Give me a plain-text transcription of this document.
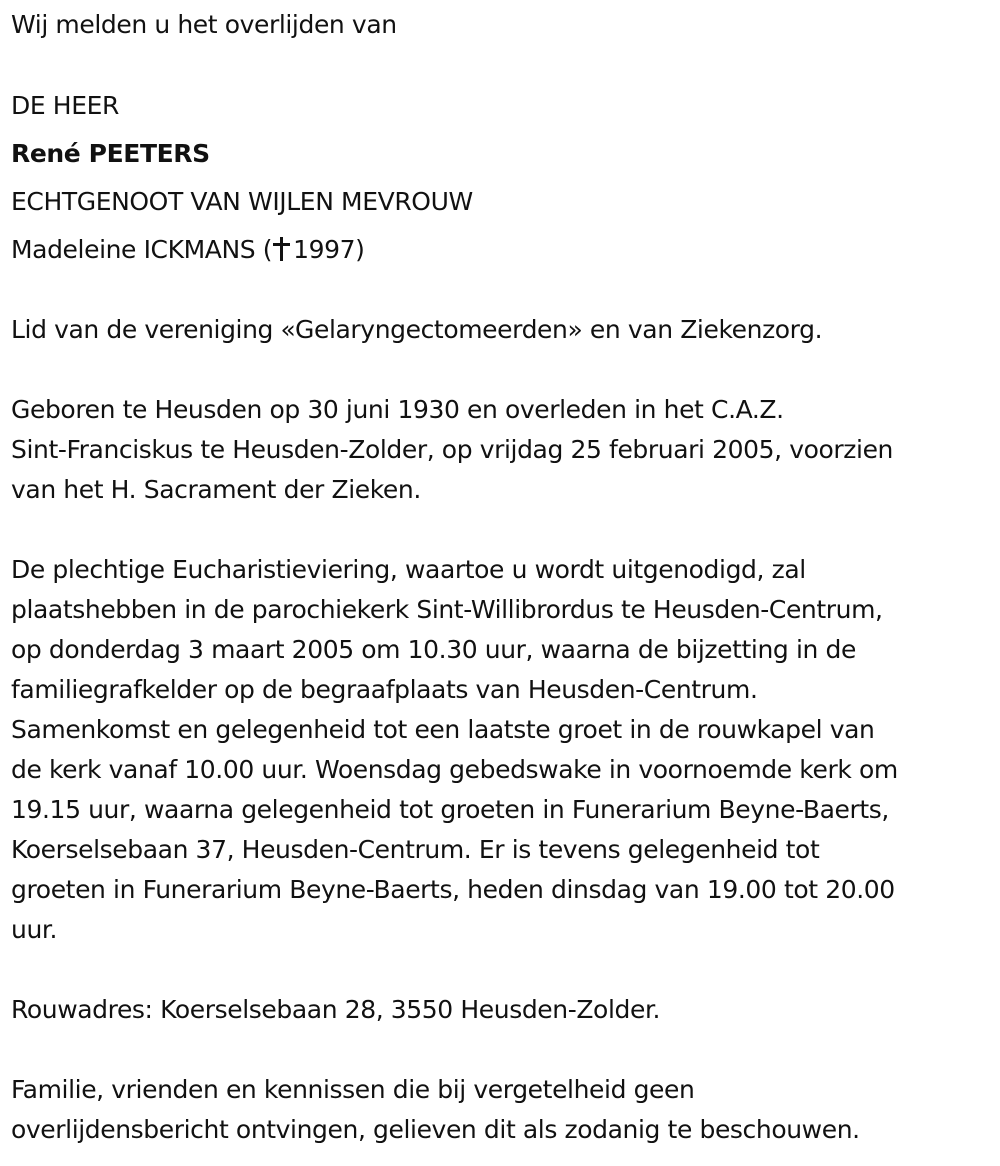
Wij melden u het overlijden van
DE HEER
René PEETERS
ECHTGENOOT VAN WIJLEN MEVROUW
Madeleine ICKMANS ( 1997)
Lid van de vereniging «Gelaryngectomeerden» en van Ziekenzorg.
Geboren te Heusden op 30 juni 1930 en overleden in het C.A.Z.
Sint-Franciskus te Heusden-Zolder, op vrijdag 25 februari 2005, voorzien
van het H. Sacrament der Zieken.
De plechtige Eucharistieviering, waartoe u wordt uitgenodigd, zal
plaatshebben in de parochiekerk Sint-Willibrordus te Heusden-Centrum,
op donderdag 3 maart 2005 om 10.30 uur, waarna de bijzetting in de
familiegrafkelder op de begraafplaats van Heusden-Centrum.
Samenkomst en gelegenheid tot een laatste groet in de rouwkapel van
de kerk vanaf 10.00 uur. Woensdag gebedswake in voornoemde kerk om
19.15 uur, waarna gelegenheid tot groeten in Funerarium Beyne-Baerts,
Koerselsebaan 37, Heusden-Centrum. Er is tevens gelegenheid tot
groeten in Funerarium Beyne-Baerts, heden dinsdag van 19.00 tot 20.00
uur.
Rouwadres: Koerselsebaan 28, 3550 Heusden-Zolder.
Familie, vrienden en kennissen die bij vergetelheid geen
overlijdensbericht ontvingen, gelieven dit als zodanig te beschouwen.
